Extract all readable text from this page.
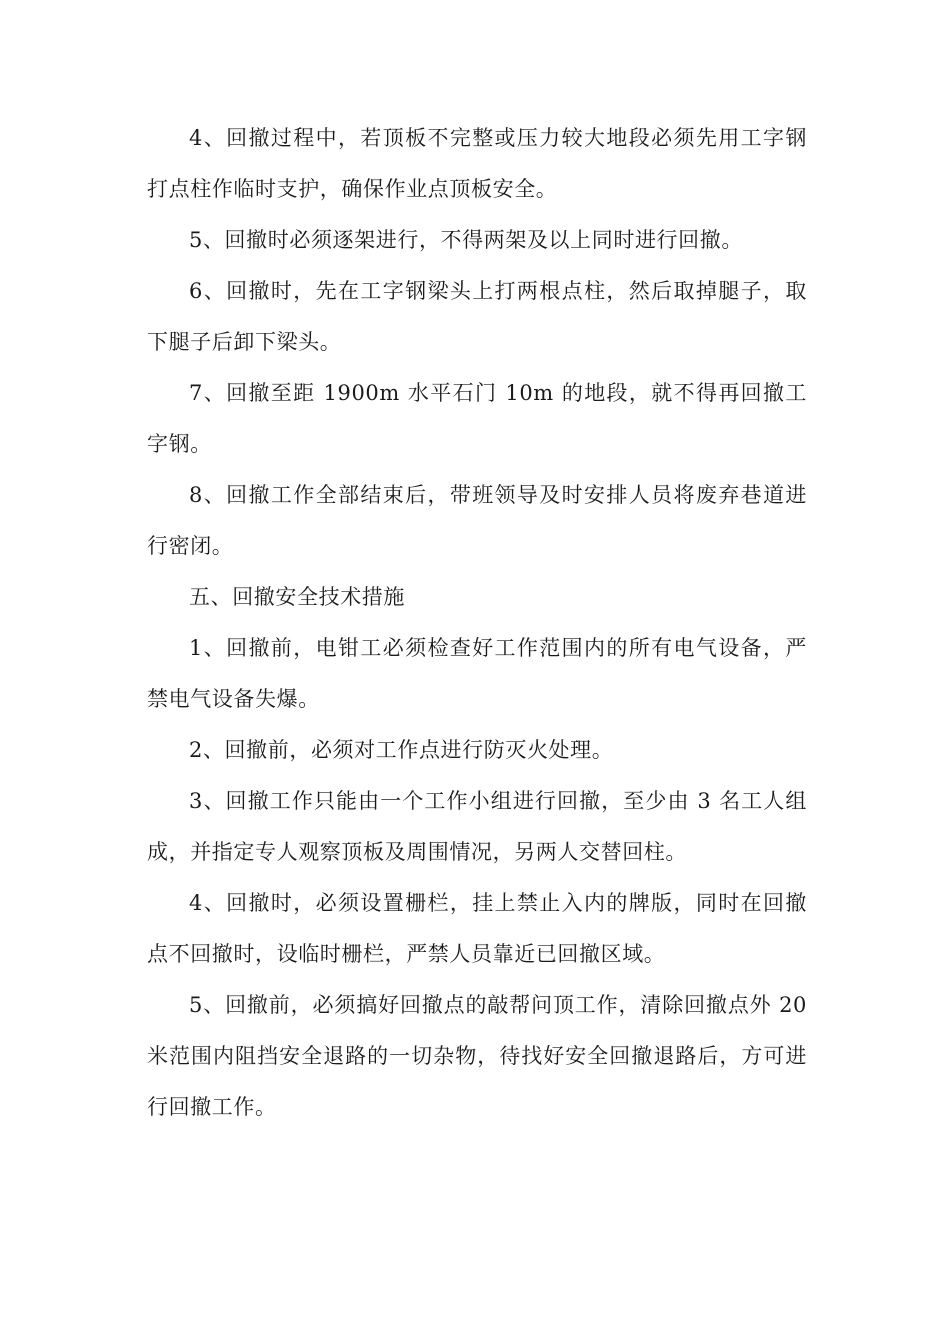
4、回撤过程中，若顶板不完整或压力较大地段必须先用工字钢打点柱作临时支护，确保作业点顶板安全。

5、回撤时必须逐架进行，不得两架及以上同时进行回撤。

6、回撤时，先在工字钢梁头上打两根点柱，然后取掉腿子，取下腿子后卸下梁头。

7、回撤至距 1900m 水平石门 10m 的地段，就不得再回撤工字钢。

8、回撤工作全部结束后，带班领导及时安排人员将废弃巷道进行密闭。

五、回撤安全技术措施

1、回撤前，电钳工必须检查好工作范围内的所有电气设备，严禁电气设备失爆。

2、回撤前，必须对工作点进行防灭火处理。

3、回撤工作只能由一个工作小组进行回撤，至少由 3 名工人组成，并指定专人观察顶板及周围情况，另两人交替回柱。

4、回撤时，必须设置栅栏，挂上禁止入内的牌版，同时在回撤点不回撤时，设临时栅栏，严禁人员靠近已回撤区域。

5、回撤前，必须搞好回撤点的敲帮问顶工作，清除回撤点外 20 米范围内阻挡安全退路的一切杂物，待找好安全回撤退路后，方可进行回撤工作。
